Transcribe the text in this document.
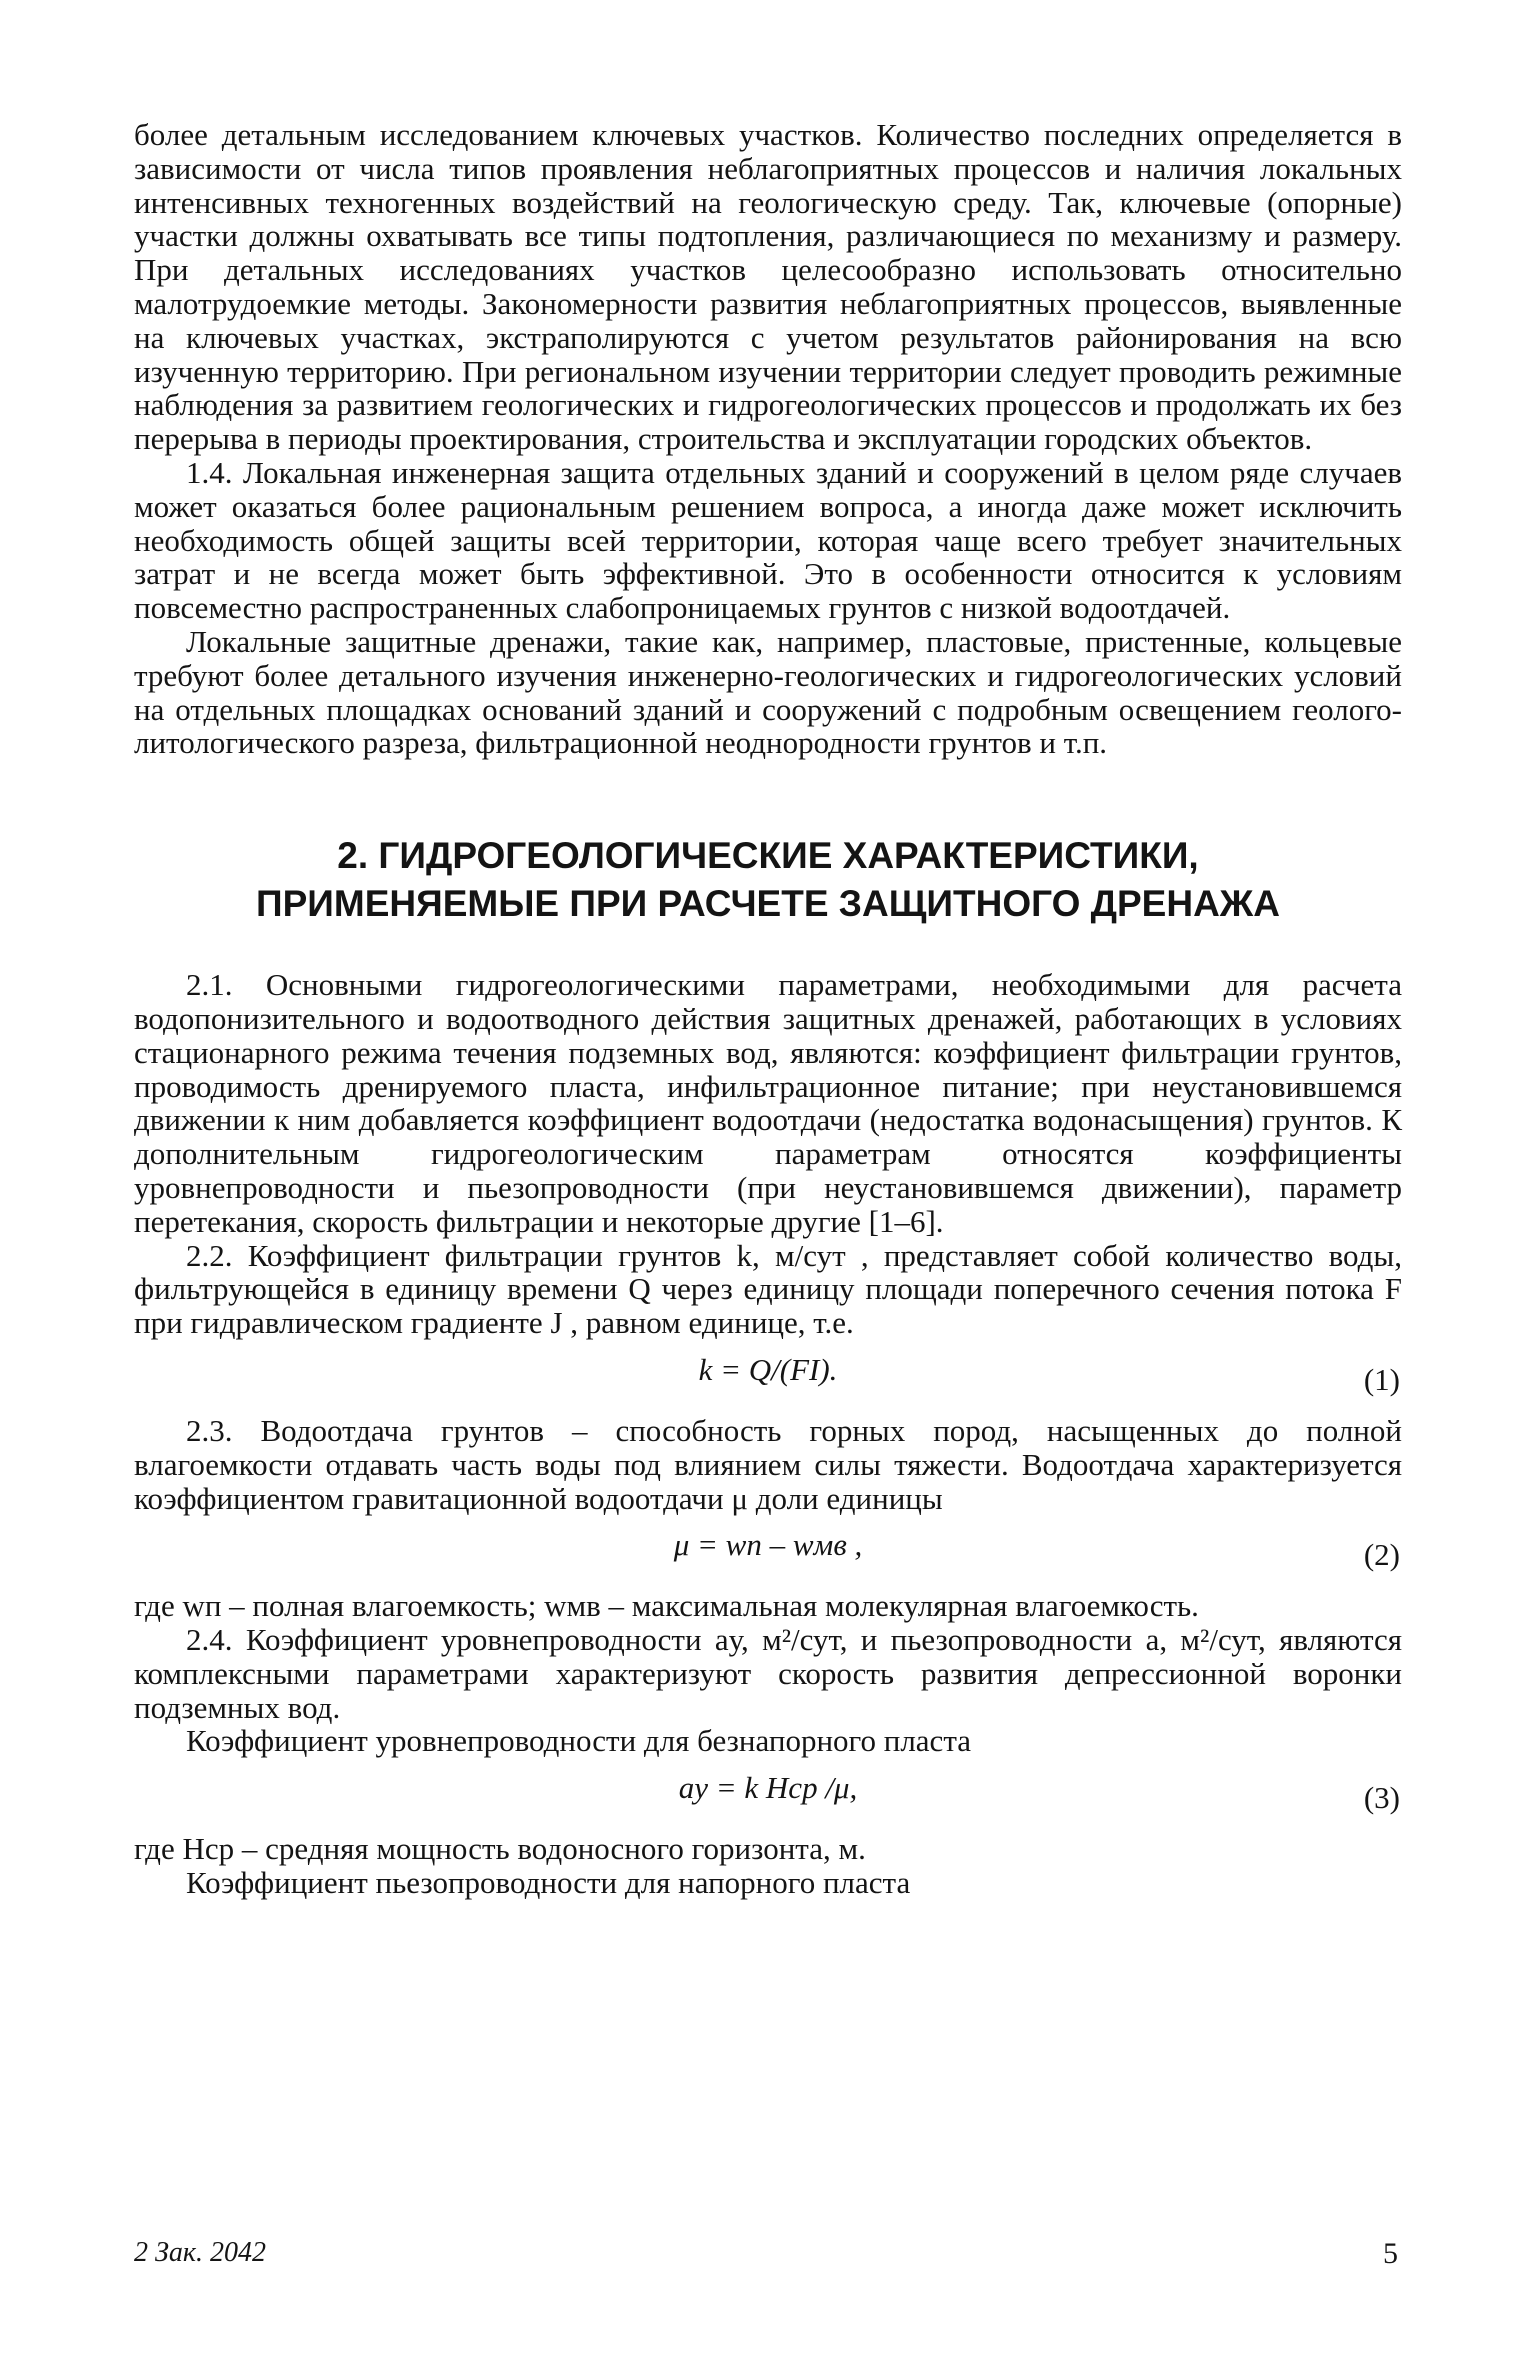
более детальным исследованием ключевых участков. Количество последних определяется в зависимости от числа типов проявления неблагоприятных процессов и наличия локальных интенсивных техногенных воздействий на геологическую среду. Так, ключевые (опорные) участки должны охватывать все типы подтопления, различающиеся по механизму и размеру. При детальных исследованиях участков целесообразно использовать относительно малотрудоемкие методы. Закономерности развития неблагоприятных процессов, выявленные на ключевых участках, экстраполируются с учетом результатов районирования на всю изученную территорию. При региональном изучении территории следует проводить режимные наблюдения за развитием геологических и гидрогеологических процессов и продолжать их без перерыва в периоды проектирования, строительства и эксплуатации городских объектов.

1.4. Локальная инженерная защита отдельных зданий и сооружений в целом ряде случаев может оказаться более рациональным решением вопроса, а иногда даже может исключить необходимость общей защиты всей территории, которая чаще всего требует значительных затрат и не всегда может быть эффективной. Это в особенности относится к условиям повсеместно распространенных слабопроницаемых грунтов с низкой водоотдачей.

Локальные защитные дренажи, такие как, например, пластовые, пристенные, кольцевые требуют более детального изучения инженерно-геологических и гидрогеологических условий на отдельных площадках оснований зданий и сооружений с подробным освещением геолого-литологического разреза, фильтрационной неоднородности грунтов и т.п.

2. ГИДРОГЕОЛОГИЧЕСКИЕ ХАРАКТЕРИСТИКИ,
ПРИМЕНЯЕМЫЕ ПРИ РАСЧЕТЕ ЗАЩИТНОГО ДРЕНАЖА

2.1. Основными гидрогеологическими параметрами, необходимыми для расчета водопонизительного и водоотводного действия защитных дренажей, работающих в условиях стационарного режима течения подземных вод, являются: коэффициент фильтрации грунтов, проводимость дренируемого пласта, инфильтрационное питание; при неустановившемся движении к ним добавляется коэффициент водоотдачи (недостатка водонасыщения) грунтов. К дополнительным гидрогеологическим параметрам относятся коэффициенты уровнепроводности и пьезопроводности (при неустановившемся движении), параметр перетекания, скорость фильтрации и некоторые другие [1–6].

2.2. Коэффициент фильтрации грунтов k, м/сут , представляет собой количество воды, фильтрующейся в единицу времени Q через единицу площади поперечного сечения потока F при гидравлическом градиенте J , равном единице, т.е.

k = Q/(FI).	(1)

2.3. Водоотдача грунтов – способность горных пород, насыщенных до полной влагоемкости отдавать часть воды под влиянием силы тяжести. Водоотдача характеризуется коэффициентом гравитационной водоотдачи μ доли единицы

μ = wп – wмв ,	(2)

где wп – полная влагоемкость; wмв – максимальная молекулярная влагоемкость.

2.4. Коэффициент уровнепроводности aу, м²/сут, и пьезопроводности a, м²/сут, являются комплексными параметрами характеризуют скорость развития депрессионной воронки подземных вод.

Коэффициент уровнепроводности для безнапорного пласта

aу = k Hср /μ,	(3)

где Hср – средняя мощность водоносного горизонта, м.

Коэффициент пьезопроводности для напорного пласта

2 Зак. 2042	5
